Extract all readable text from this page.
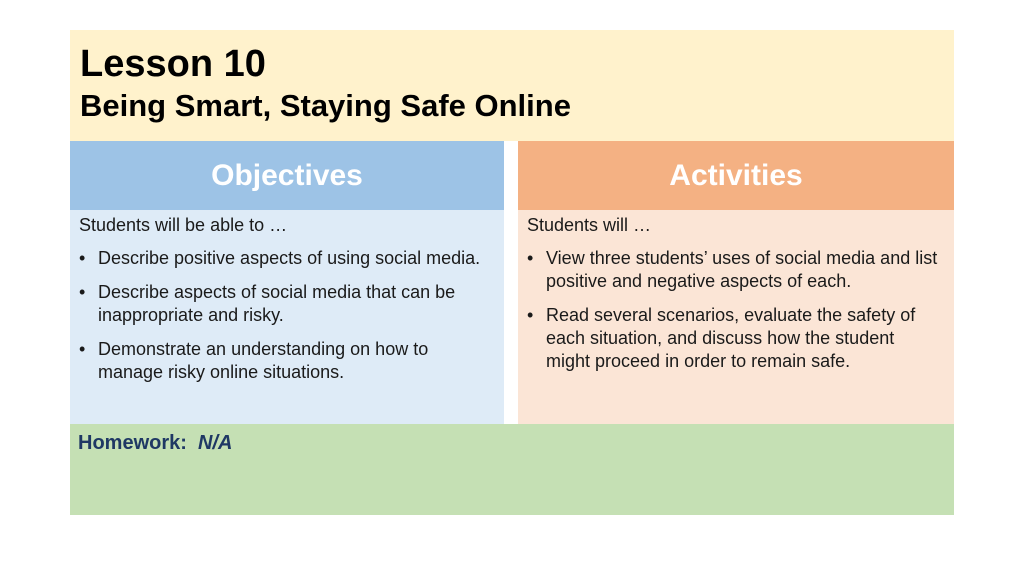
Lesson 10

Being Smart, Staying Safe Online

Objectives	Activities

Students will be able to …

• Describe positive aspects of using social media.
• Describe aspects of social media that can be inappropriate and risky.
• Demonstrate an understanding on how to manage risky online situations.

Students will …

• View three students’ uses of social media and list positive and negative aspects of each.
• Read several scenarios, evaluate the safety of each situation, and discuss how the student might proceed in order to remain safe.
Homework: N/A
